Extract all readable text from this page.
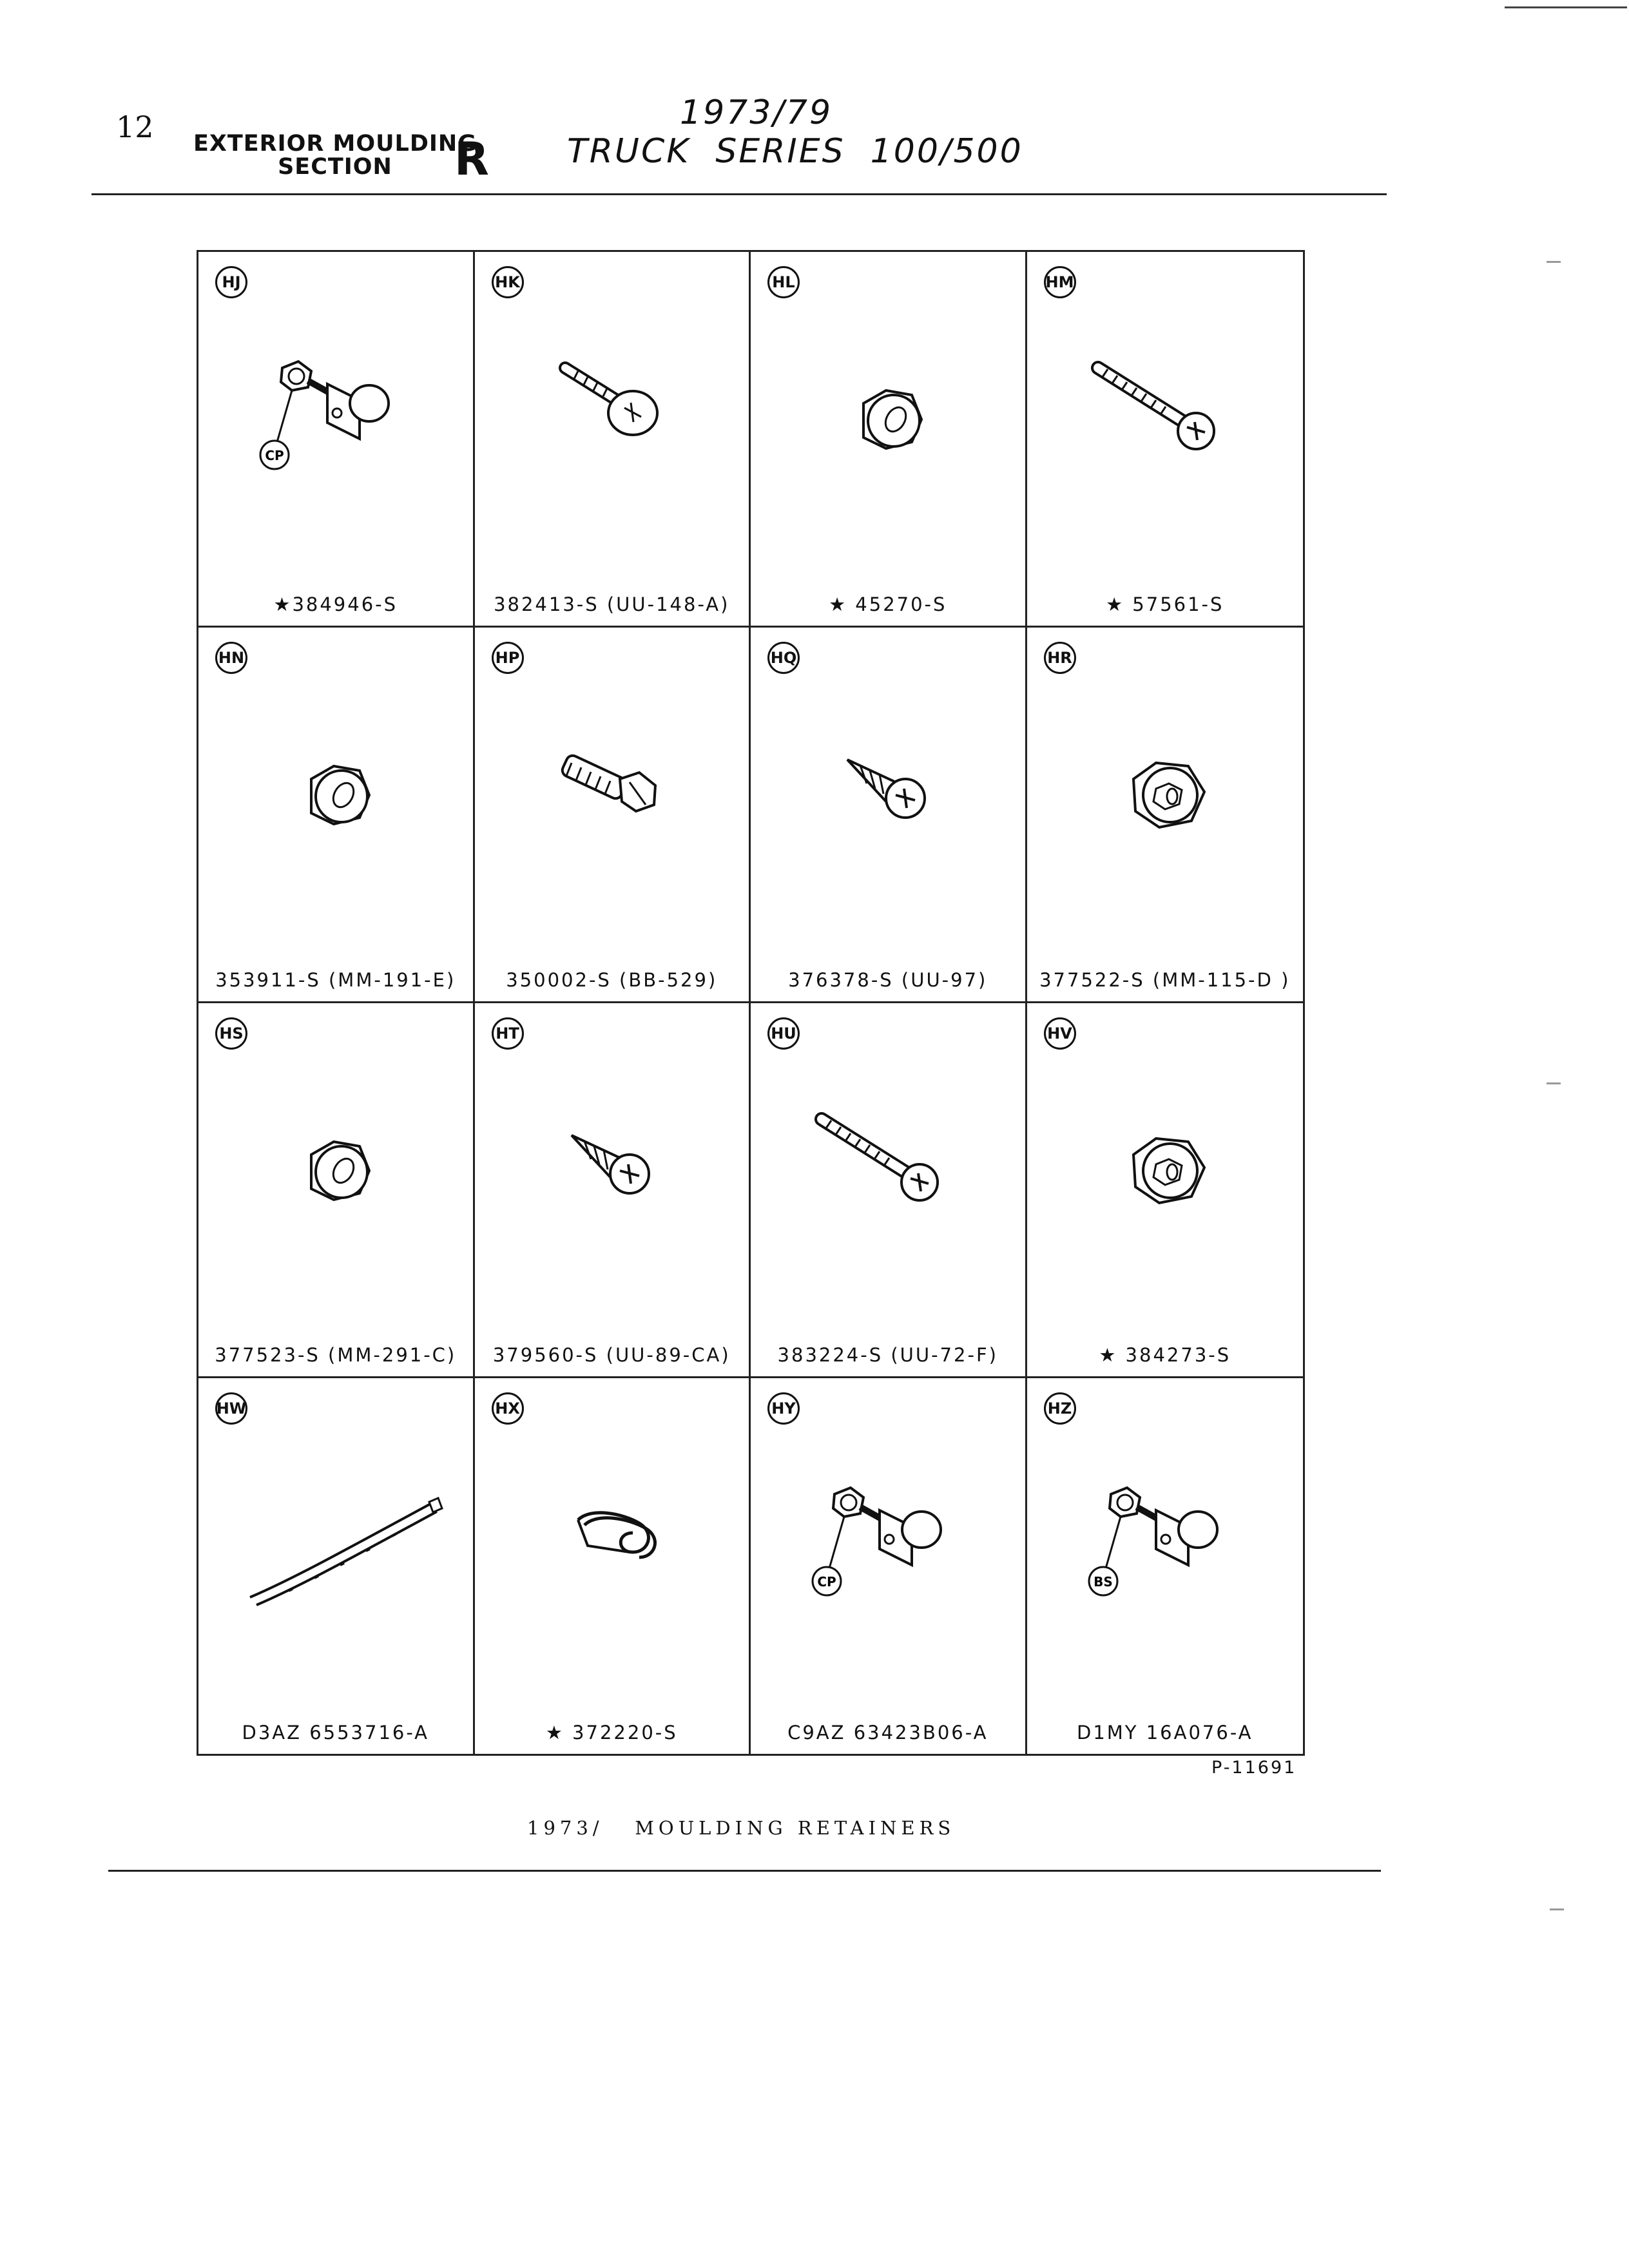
12 EXTERIOR MOULDING
SECTION	R
1973/79
TRUCK  SERIES  100/500
HJ
CP
★384946-S
HK
382413-S (UU-148-A)
HL
★ 45270-S
HM
★ 57561-S
HN
353911-S (MM-191-E)
HP
350002-S (BB-529)
HQ
376378-S (UU-97)
HR
377522-S (MM-115-D )
HS
377523-S (MM-291-C)
HT
379560-S (UU-89-CA)
HU
383224-S (UU-72-F)
HV
★ 384273-S
HW
D3AZ 6553716-A
HX
★ 372220-S
HY
CP
C9AZ 63423B06-A
HZ
BS
D1MY 16A076-A
P-11691
1973/   MOULDING RETAINERS
